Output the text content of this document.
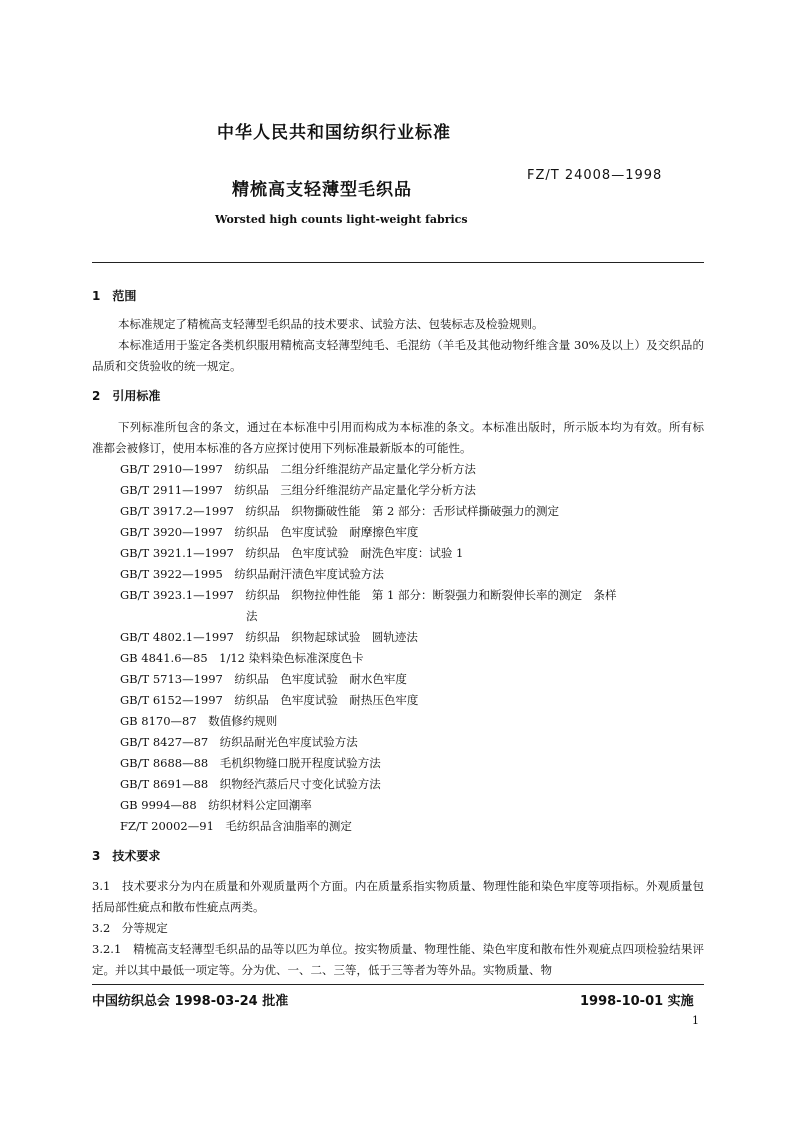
中华人民共和国纺织行业标准
精梳高支轻薄型毛织品
FZ/T 24008—1998
Worsted high counts light-weight fabrics
1　范围
本标准规定了精梳高支轻薄型毛织品的技术要求、试验方法、包装标志及检验规则。
本标准适用于鉴定各类机织服用精梳高支轻薄型纯毛、毛混纺（羊毛及其他动物纤维含量 30%及以上）及交织品的品质和交货验收的统一规定。
2　引用标准
下列标准所包含的条文，通过在本标准中引用而构成为本标准的条文。本标准出版时，所示版本均为有效。所有标准都会被修订，使用本标准的各方应探讨使用下列标准最新版本的可能性。
GB/T 2910—1997　纺织品　二组分纤维混纺产品定量化学分析方法
GB/T 2911—1997　纺织品　三组分纤维混纺产品定量化学分析方法
GB/T 3917.2—1997　纺织品　织物撕破性能　第 2 部分：舌形试样撕破强力的测定
GB/T 3920—1997　纺织品　色牢度试验　耐摩擦色牢度
GB/T 3921.1—1997　纺织品　色牢度试验　耐洗色牢度：试验 1
GB/T 3922—1995　纺织品耐汗渍色牢度试验方法
GB/T 3923.1—1997　纺织品　织物拉伸性能　第 1 部分：断裂强力和断裂伸长率的测定　条样
法
GB/T 4802.1—1997　纺织品　织物起球试验　圆轨迹法
GB 4841.6—85　1/12 染料染色标准深度色卡
GB/T 5713—1997　纺织品　色牢度试验　耐水色牢度
GB/T 6152—1997　纺织品　色牢度试验　耐热压色牢度
GB 8170—87　数值修约规则
GB/T 8427—87　纺织品耐光色牢度试验方法
GB/T 8688—88　毛机织物缝口脱开程度试验方法
GB/T 8691—88　织物经汽蒸后尺寸变化试验方法
GB 9994—88　纺织材料公定回潮率
FZ/T 20002—91　毛纺织品含油脂率的测定
3　技术要求
3.1　技术要求分为内在质量和外观质量两个方面。内在质量系指实物质量、物理性能和染色牢度等项指标。外观质量包括局部性疵点和散布性疵点两类。
3.2　分等规定
3.2.1　精梳高支轻薄型毛织品的品等以匹为单位。按实物质量、物理性能、染色牢度和散布性外观疵点四项检验结果评定。并以其中最低一项定等。分为优、一、二、三等，低于三等者为等外品。实物质量、物
中国纺织总会 1998-03-24 批准	1998-10-01 实施
1
